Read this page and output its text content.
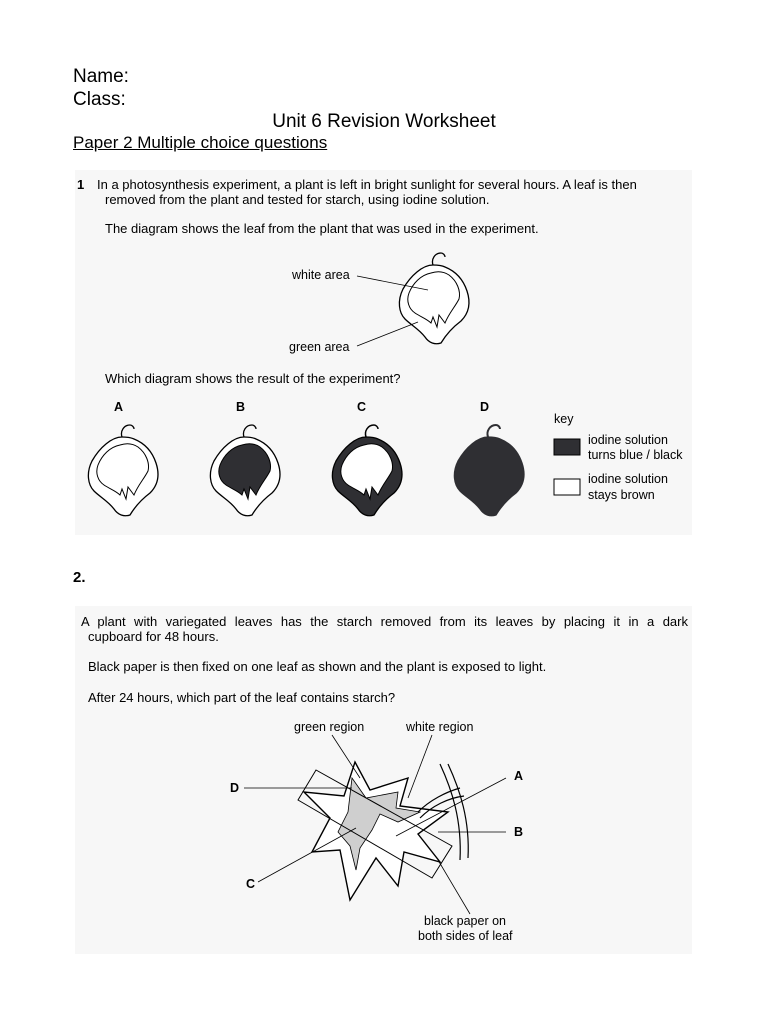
Name:
Class:
Unit 6 Revision Worksheet
Paper 2 Multiple choice questions
1 In a photosynthesis experiment, a plant is left in bright sunlight for several hours. A leaf is then
removed from the plant and tested for starch, using iodine solution.
The diagram shows the leaf from the plant that was used in the experiment.
Which diagram shows the result of the experiment?
white area
green area
A	B	C	D
key
iodine solution
turns blue / black
iodine solution
stays brown
2.
A plant with variegated leaves has the starch removed from its leaves by placing it in a dark
cupboard for 48 hours.
Black paper is then fixed on one leaf as shown and the plant is exposed to light.
After 24 hours, which part of the leaf contains starch?
green region	white region
D
A
B
C
black paper on
both sides of leaf
